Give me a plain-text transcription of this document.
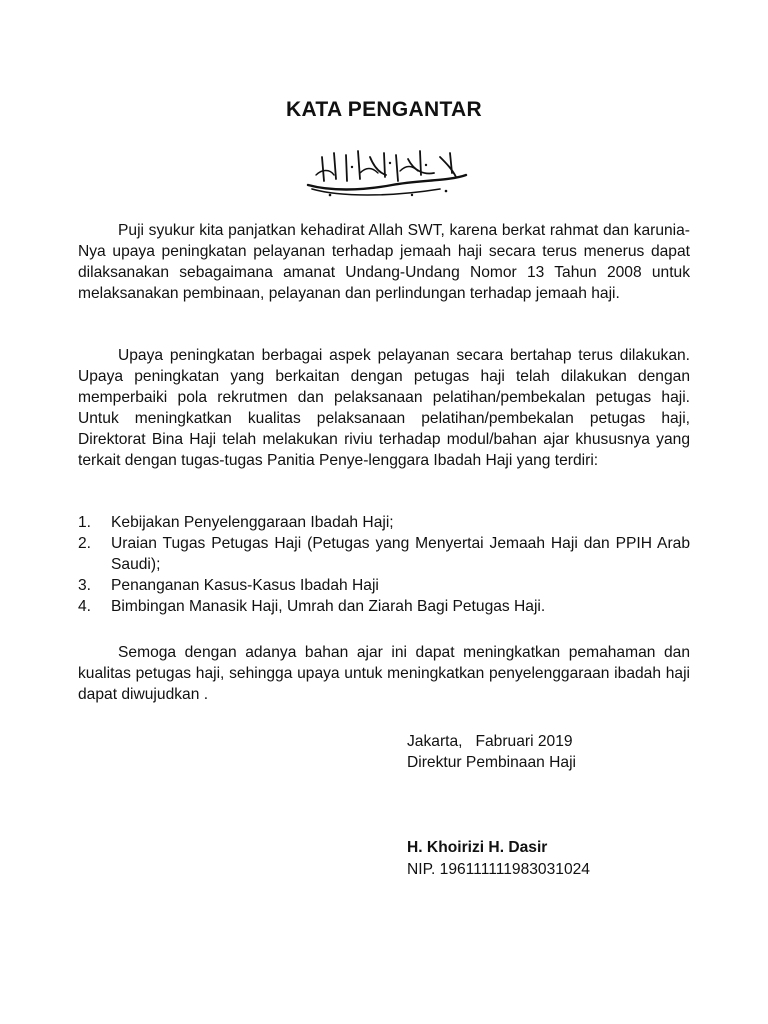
KATA PENGANTAR

Puji syukur kita panjatkan kehadirat Allah SWT, karena berkat rahmat dan karunia-Nya upaya peningkatan pelayanan terhadap jemaah haji secara terus menerus dapat dilaksanakan sebagaimana amanat Undang-Undang Nomor 13 Tahun 2008 untuk melaksanakan pembinaan, pelayanan dan perlindungan terhadap jemaah haji.

Upaya peningkatan berbagai aspek pelayanan secara bertahap terus dilakukan. Upaya peningkatan yang berkaitan dengan petugas haji telah dilakukan dengan memperbaiki pola rekrutmen dan pelaksanaan pelatihan/pembekalan petugas haji. Untuk meningkatkan kualitas pelaksanaan pelatihan/pembekalan petugas haji, Direktorat Bina Haji telah melakukan riviu terhadap modul/bahan ajar khususnya yang terkait dengan tugas-tugas Panitia Penye-lenggara Ibadah Haji yang terdiri:

1. Kebijakan Penyelenggaraan Ibadah Haji;
2. Uraian Tugas Petugas Haji (Petugas yang Menyertai Jemaah Haji dan PPIH Arab Saudi);
3. Penanganan Kasus-Kasus Ibadah Haji
4. Bimbingan Manasik Haji, Umrah dan Ziarah Bagi Petugas Haji.

Semoga dengan adanya bahan ajar ini dapat meningkatkan pemahaman dan kualitas petugas haji, sehingga upaya untuk meningkatkan penyelenggaraan ibadah haji dapat diwujudkan .

Jakarta,   Fabruari 2019
Direktur Pembinaan Haji
H. Khoirizi H. Dasir
NIP. 196111111983031024
